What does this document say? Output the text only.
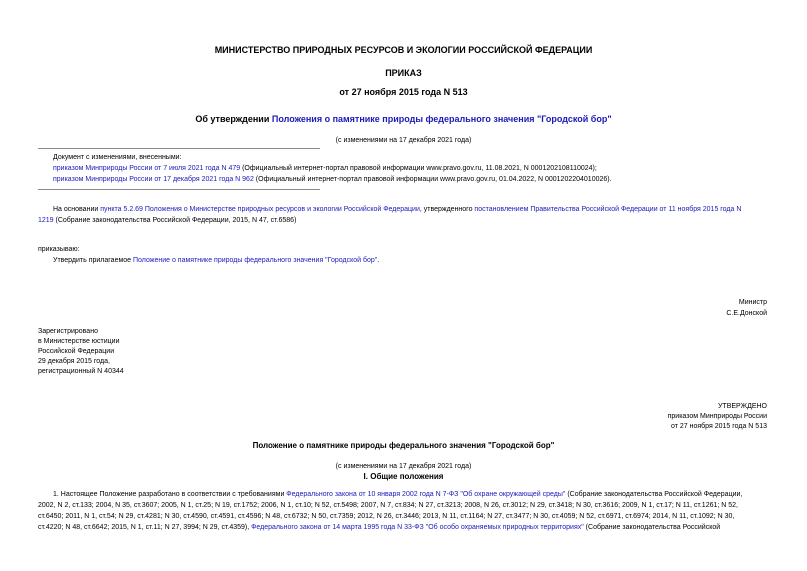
МИНИСТЕРСТВО ПРИРОДНЫХ РЕСУРСОВ И ЭКОЛОГИИ РОССИЙСКОЙ ФЕДЕРАЦИИ
ПРИКАЗ
от 27 ноября 2015 года N 513
Об утверждении Положения о памятнике природы федерального значения "Городской бор"
(с изменениями на 17 декабря 2021 года)
Документ с изменениями, внесенными:
приказом Минприроды России от 7 июля 2021 года N 479 (Официальный интернет-портал правовой информации www.pravo.gov.ru, 11.08.2021, N 0001202108110024);
приказом Минприроды России от 17 декабря 2021 года N 962 (Официальный интернет-портал правовой информации www.pravo.gov.ru, 01.04.2022, N 0001202204010026).
На основании пункта 5.2.69 Положения о Министерстве природных ресурсов и экологии Российской Федерации, утвержденного постановлением Правительства Российской Федерации от 11 ноября 2015 года N
1219 (Собрание законодательства Российской Федерации, 2015, N 47, ст.6586)
приказываю:
Утвердить прилагаемое Положение о памятнике природы федерального значения "Городской бор".
Министр
С.Е.Донской
Зарегистрировано
в Министерстве юстиции
Российской Федерации
29 декабря 2015 года,
регистрационный N 40344
УТВЕРЖДЕНО
приказом Минприроды России
от 27 ноября 2015 года N 513
Положение о памятнике природы федерального значения "Городской бор"
(с изменениями на 17 декабря 2021 года)
I. Общие положения
1. Настоящее Положение разработано в соответствии с требованиями Федерального закона от 10 января 2002 года N 7-ФЗ "Об охране окружающей среды" (Собрание законодательства Российской Федерации,
2002, N 2, ст.133; 2004, N 35, ст.3607; 2005, N 1, ст.25; N 19, ст.1752; 2006, N 1, ст.10; N 52, ст.5498; 2007, N 7, ст.834; N 27, ст.3213; 2008, N 26, ст.3012; N 29, ст.3418; N 30, ст.3616; 2009, N 1, ст.17; N 11, ст.1261; N 52,
ст.6450; 2011, N 1, ст.54; N 29, ст.4281; N 30, ст.4590, ст.4591, ст.4596; N 48, ст.6732; N 50, ст.7359; 2012, N 26, ст.3446; 2013, N 11, ст.1164; N 27, ст.3477; N 30, ст.4059; N 52, ст.6971, ст.6974; 2014, N 11, ст.1092; N 30,
ст.4220; N 48, ст.6642; 2015, N 1, ст.11; N 27, 3994; N 29, ст.4359), Федерального закона от 14 марта 1995 года N 33-ФЗ "Об особо охраняемых природных территориях" (Собрание законодательства Российской
